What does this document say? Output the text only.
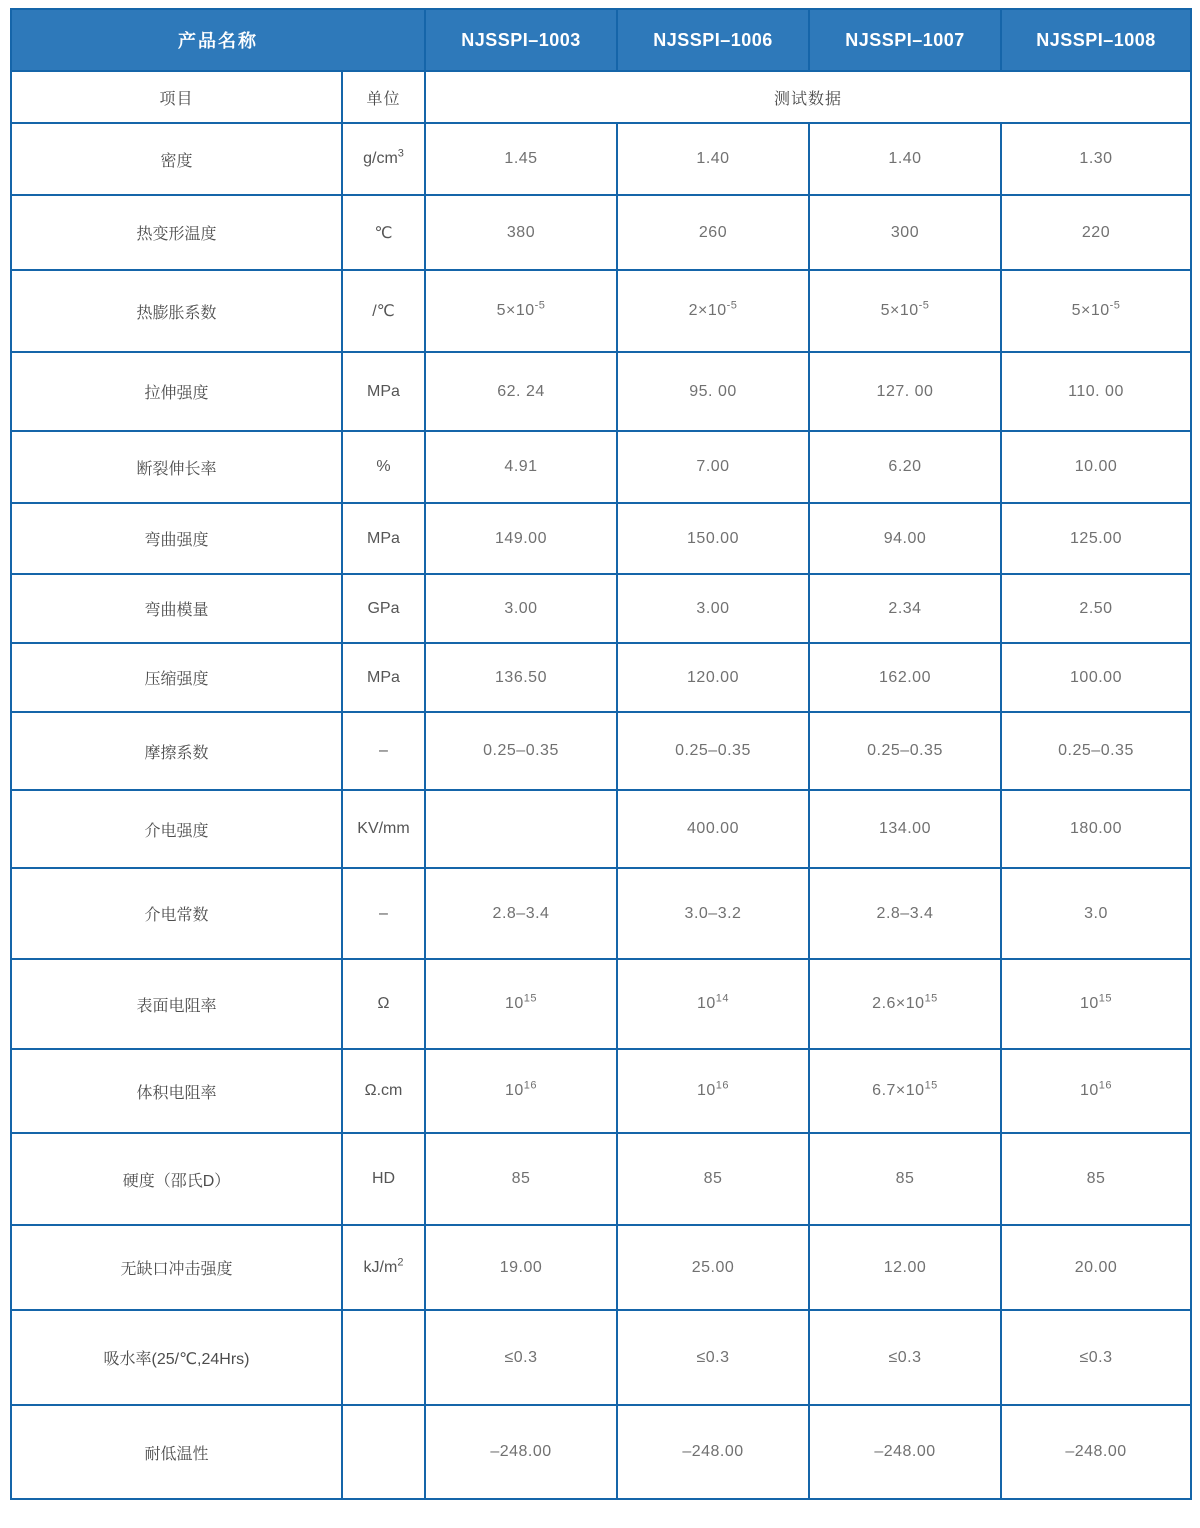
产品名称		NJSSPI–1003	NJSSPI–1006	NJSSPI–1007	NJSSPI–1008
项目	单位	测试数据			
密度	$g/cm^3$	1.45	1.40	1.40	1.30
热变形温度	℃	380	260	300	220
热膨胀系数	/℃	$5\times 10^{-5}$	$2\times 10^{-5}$	$5\times 10^{-5}$	$5\times 10^{-5}$
拉伸强度	MPa	62. 24	95. 00	127. 00	110. 00
断裂伸长率	%	4.91	7.00	6.20	10.00
弯曲强度	MPa	149.00	150.00	94.00	125.00
弯曲模量	GPa	3.00	3.00	2.34	2.50
压缩强度	MPa	136.50	120.00	162.00	100.00
摩擦系数	–	0.25–0.35	0.25–0.35	0.25–0.35	0.25–0.35
介电强度	KV/mm		400.00	134.00	180.00
介电常数	–	2.8–3.4	3.0–3.2	2.8–3.4	3.0
表面电阻率	Ω	$10^{15}$	$10^{14}$	$2.6\times 10^{15}$	$10^{15}$
体积电阻率	Ω.cm	$10^{16}$	$10^{16}$	$6.7\times 10^{15}$	$10^{16}$
硬度（邵氏D）	HD	85	85	85	85
无缺口冲击强度	$kJ/m^2$	19.00	25.00	12.00	20.00
吸水率(25/℃,24Hrs)		≤0.3	≤0.3	≤0.3	≤0.3
耐低温性		–248.00	–248.00	–248.00	–248.00
